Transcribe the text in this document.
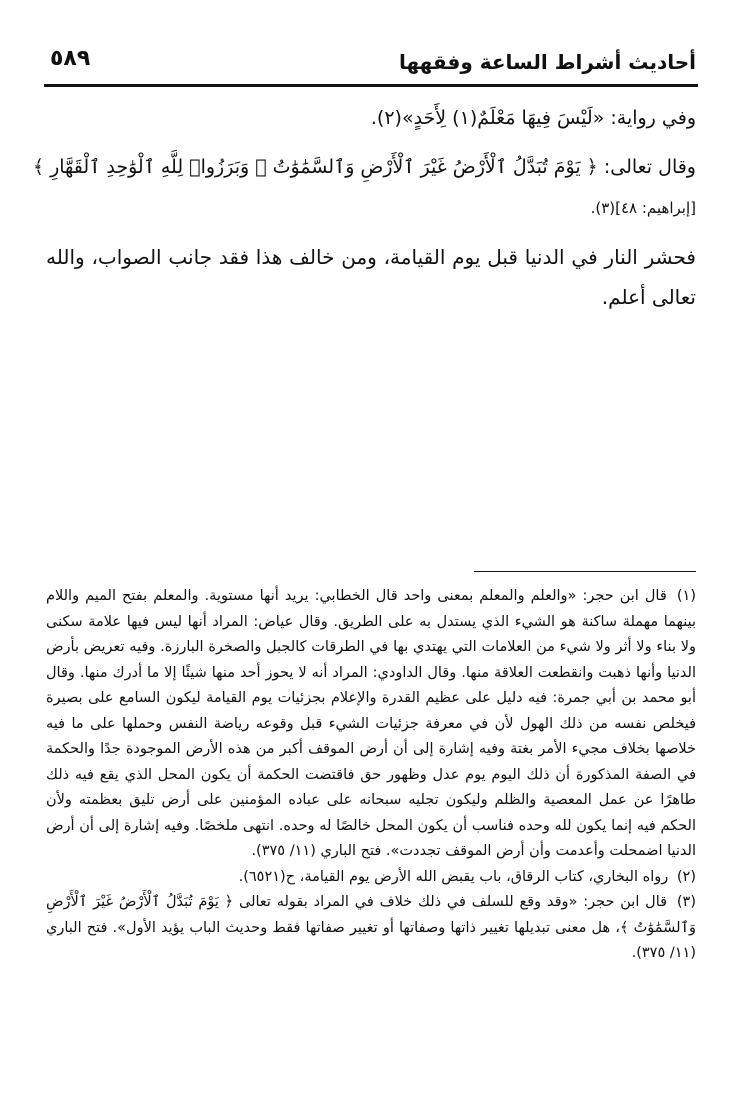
أحاديث أشراط الساعة وفقهها
٥٨٩
وفي رواية: «لَيْسَ فِيهَا مَعْلَمٌ(١) لِأَحَدٍ»(٢).
وقال تعالى: ﴿ يَوْمَ تُبَدَّلُ ٱلْأَرْضُ غَيْرَ ٱلْأَرْضِ وَٱلسَّمَٰوَٰتُ ۖ وَبَرَزُوا۟ لِلَّهِ ٱلْوَٰحِدِ ٱلْقَهَّارِ ﴾
[إبراهيم: ٤٨](٣).
فحشر النار في الدنيا قبل يوم القيامة، ومن خالف هذا فقد جانب الصواب، والله تعالى أعلم.

(١) قال ابن حجر: «والعلم والمعلم بمعنى واحد قال الخطابي: يريد أنها مستوية. والمعلم بفتح الميم واللام بينهما مهملة ساكنة هو الشيء الذي يستدل به على الطريق. وقال عياض: المراد أنها ليس فيها علامة سكنى ولا بناء ولا أثر ولا شيء من العلامات التي يهتدي بها في الطرقات كالجبل والصخرة البارزة. وفيه تعريض بأرض الدنيا وأنها ذهبت وانقطعت العلاقة منها. وقال الداودي: المراد أنه لا يحوز أحد منها شيئًا إلا ما أدرك منها. وقال أبو محمد بن أبي جمرة: فيه دليل على عظيم القدرة والإعلام بجزئيات يوم القيامة ليكون السامع على بصيرة فيخلص نفسه من ذلك الهول لأن في معرفة جزئيات الشيء قبل وقوعه رياضة النفس وحملها على ما فيه خلاصها بخلاف مجيء الأمر بغتة وفيه إشارة إلى أن أرض الموقف أكبر من هذه الأرض الموجودة جدًا والحكمة في الصفة المذكورة أن ذلك اليوم يوم عدل وظهور حق فاقتضت الحكمة أن يكون المحل الذي يقع فيه ذلك طاهرًا عن عمل المعصية والظلم وليكون تجليه سبحانه على عباده المؤمنين على أرض تليق بعظمته ولأن الحكم فيه إنما يكون لله وحده فناسب أن يكون المحل خالصًا له وحده. انتهى ملخصًا. وفيه إشارة إلى أن أرض الدنيا اضمحلت وأعدمت وأن أرض الموقف تجددت». فتح الباري (١١/ ٣٧٥).

(٢) رواه البخاري، كتاب الرقاق، باب يقبض الله الأرض يوم القيامة، ح(٦٥٢١).

(٣) قال ابن حجر: «وقد وقع للسلف في ذلك خلاف في المراد بقوله تعالى ﴿ يَوْمَ تُبَدَّلُ ٱلْأَرْضُ غَيْرَ ٱلْأَرْضِ وَٱلسَّمَٰوَٰتُ ﴾، هل معنى تبديلها تغيير ذاتها وصفاتها أو تغيير صفاتها فقط وحديث الباب يؤيد الأول». فتح الباري (١١/ ٣٧٥).
